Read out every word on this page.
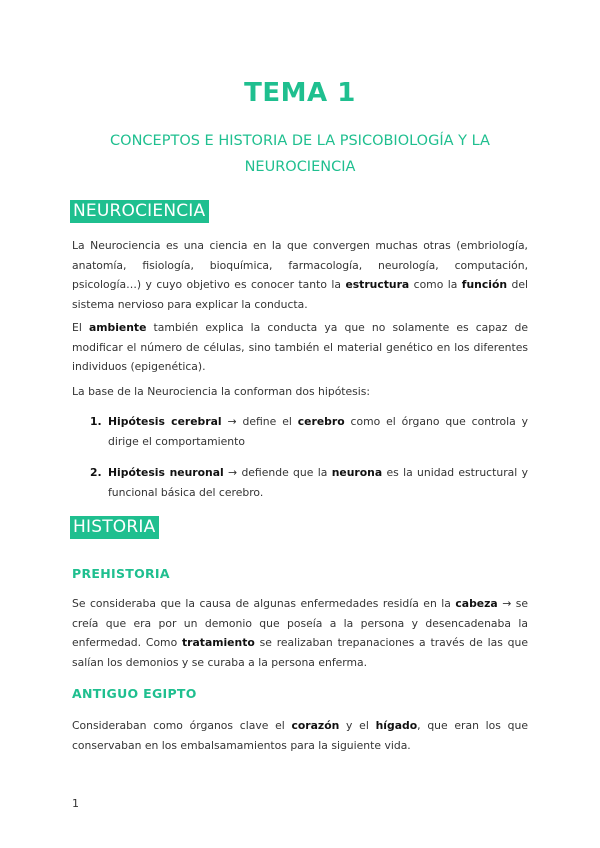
TEMA 1
CONCEPTOS E HISTORIA DE LA PSICOBIOLOGÍA Y LA NEUROCIENCIA
NEUROCIENCIA
La Neurociencia es una ciencia en la que convergen muchas otras (embriología, anatomía, fisiología, bioquímica, farmacología, neurología, computación, psicología…) y cuyo objetivo es conocer tanto la estructura como la función del sistema nervioso para explicar la conducta.
El ambiente también explica la conducta ya que no solamente es capaz de modificar el número de células, sino también el material genético en los diferentes individuos (epigenética).
La base de la Neurociencia la conforman dos hipótesis:
1. Hipótesis cerebral → define el cerebro como el órgano que controla y dirige el comportamiento
2. Hipótesis neuronal → defiende que la neurona es la unidad estructural y funcional básica del cerebro.
HISTORIA
PREHISTORIA
Se consideraba que la causa de algunas enfermedades residía en la cabeza → se creía que era por un demonio que poseía a la persona y desencadenaba la enfermedad. Como tratamiento se realizaban trepanaciones a través de las que salían los demonios y se curaba a la persona enferma.
ANTIGUO EGIPTO
Consideraban como órganos clave el corazón y el hígado, que eran los que conservaban en los embalsamamientos para la siguiente vida.
1
